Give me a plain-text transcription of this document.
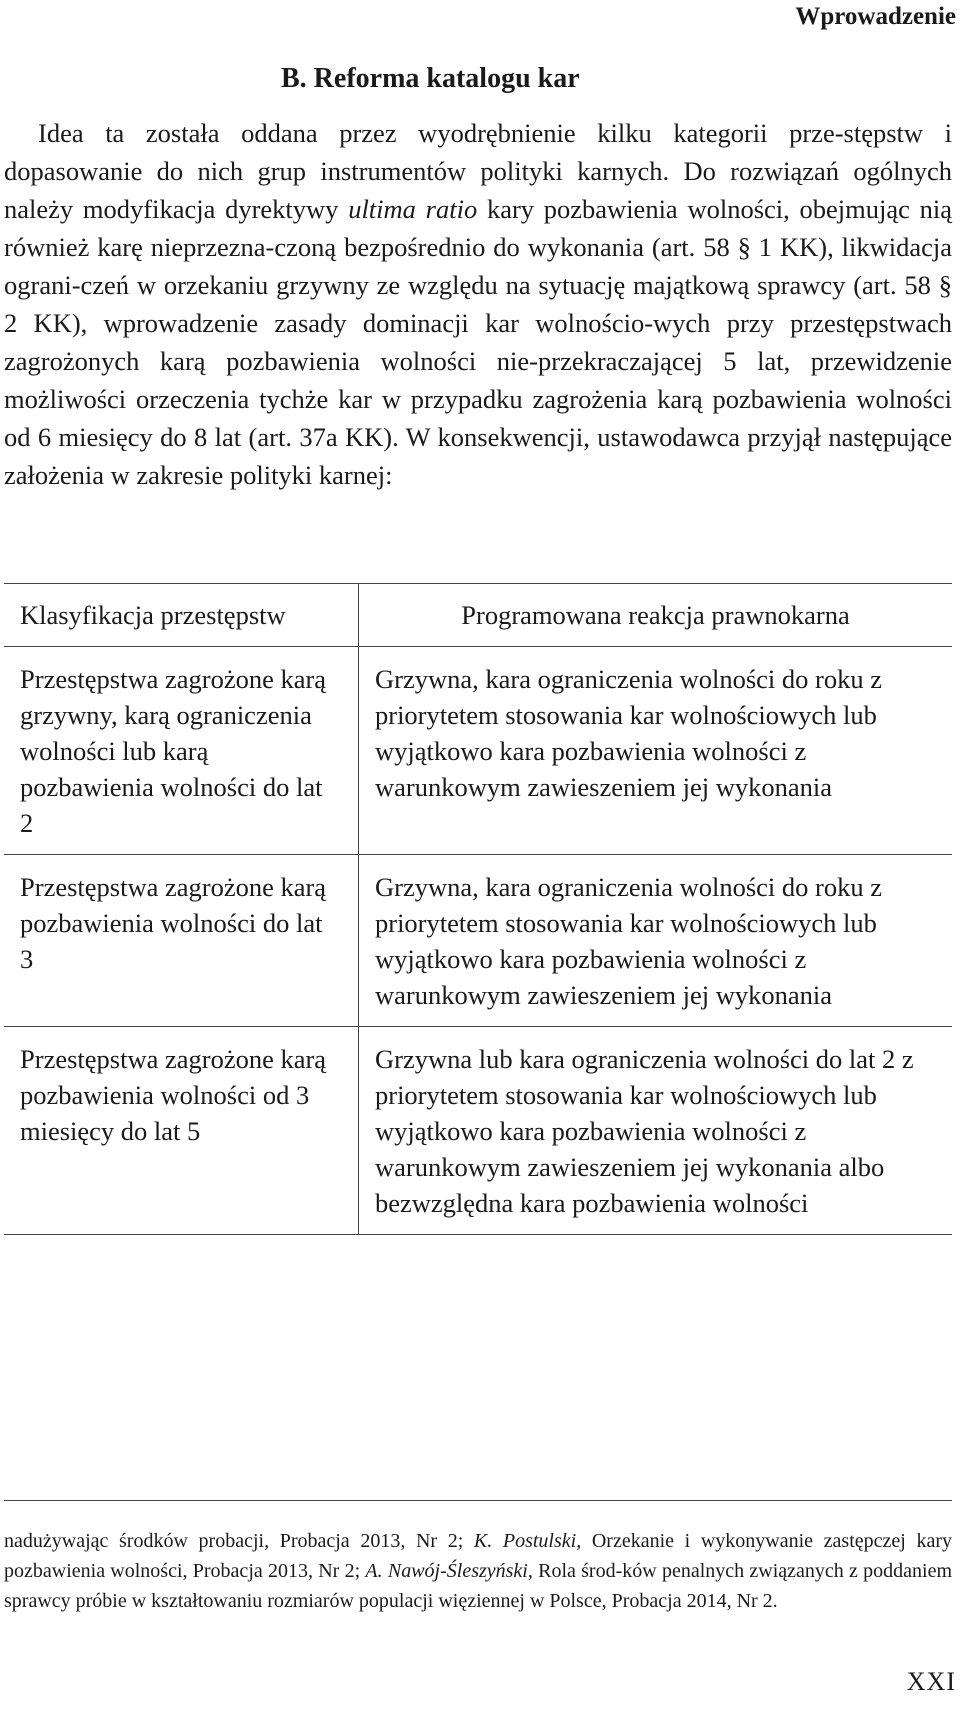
Wprowadzenie

B. Reforma katalogu kar

Idea ta została oddana przez wyodrębnienie kilku kategorii prze-stępstw i dopasowanie do nich grup instrumentów polityki karnych. Do rozwiązań ogólnych należy modyfikacja dyrektywy ultima ratio kary pozbawienia wolności, obejmując nią również karę nieprzezna-czoną bezpośrednio do wykonania (art. 58 § 1 KK), likwidacja ograni-czeń w orzekaniu grzywny ze względu na sytuację majątkową sprawcy (art. 58 § 2 KK), wprowadzenie zasady dominacji kar wolnościo-wych przy przestępstwach zagrożonych karą pozbawienia wolności nie-przekraczającej 5 lat, przewidzenie możliwości orzeczenia tychże kar w przypadku zagrożenia karą pozbawienia wolności od 6 miesięcy do 8 lat (art. 37a KK). W konsekwencji, ustawodawca przyjął następujące założenia w zakresie polityki karnej:

Klasyfikacja przestępstw	Programowana reakcja prawnokarna
Przestępstwa zagrożone karą grzywny, karą ograniczenia wolności lub karą pozbawienia wolności do lat 2	Grzywna, kara ograniczenia wolności do roku z priorytetem stosowania kar wolnościowych lub wyjątkowo kara pozbawienia wolności z warunkowym zawieszeniem jej wykonania
Przestępstwa zagrożone karą pozbawienia wolności do lat 3	Grzywna, kara ograniczenia wolności do roku z priorytetem stosowania kar wolnościowych lub wyjątkowo kara pozbawienia wolności z warunkowym zawieszeniem jej wykonania
Przestępstwa zagrożone karą pozbawienia wolności od 3 miesięcy do lat 5	Grzywna lub kara ograniczenia wolności do lat 2 z priorytetem stosowania kar wolnościowych lub wyjątkowo kara pozbawienia wolności z warunkowym zawieszeniem jej wykonania albo bezwzględna kara pozbawienia wolności

nadużywając środków probacji, Probacja 2013, Nr 2; K. Postulski, Orzekanie i wykonywanie zastępczej kary pozbawienia wolności, Probacja 2013, Nr 2; A. Nawój-Śleszyński, Rola środ-ków penalnych związanych z poddaniem sprawcy próbie w kształtowaniu rozmiarów populacji więziennej w Polsce, Probacja 2014, Nr 2.

XXI
